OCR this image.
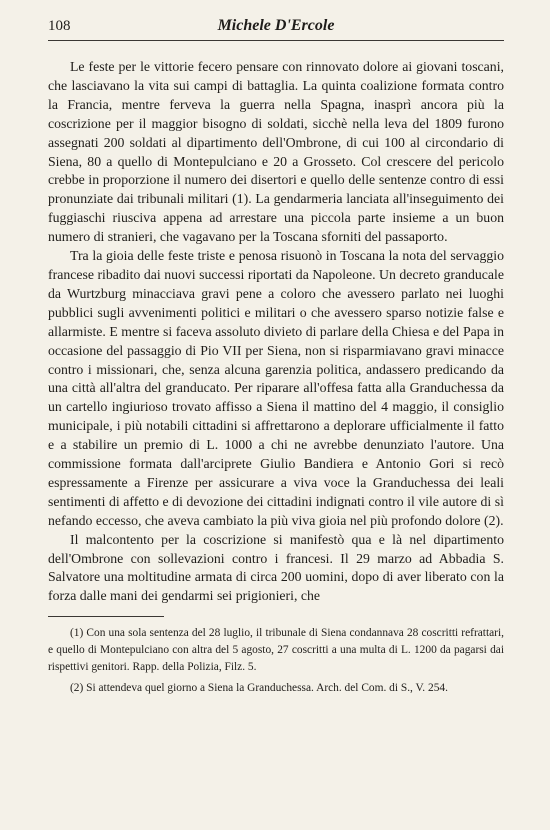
108	Michele D'Ercole

Le feste per le vittorie fecero pensare con rinnovato dolore ai giovani toscani, che lasciavano la vita sui campi di battaglia. La quinta coalizione formata contro la Francia, mentre ferveva la guerra nella Spagna, inasprì ancora più la coscrizione per il maggior bisogno di soldati, sicchè nella leva del 1809 furono assegnati 200 soldati al dipartimento dell'Ombrone, di cui 100 al circondario di Siena, 80 a quello di Montepulciano e 20 a Grosseto. Col crescere del pericolo crebbe in proporzione il numero dei disertori e quello delle sentenze contro di essi pronunziate dai tribunali militari (1). La gendarmeria lanciata all'inseguimento dei fuggiaschi riusciva appena ad arrestare una piccola parte insieme a un buon numero di stranieri, che vagavano per la Toscana sforniti del passaporto.

Tra la gioia delle feste triste e penosa risuonò in Toscana la nota del servaggio francese ribadito dai nuovi successi riportati da Napoleone. Un decreto granducale da Wurtzburg minacciava gravi pene a coloro che avessero parlato nei luoghi pubblici sugli avvenimenti politici e militari o che avessero sparso notizie false e allarmiste. E mentre si faceva assoluto divieto di parlare della Chiesa e del Papa in occasione del passaggio di Pio VII per Siena, non si risparmiavano gravi minacce contro i missionari, che, senza alcuna garenzia politica, andassero predicando da una città all'altra del granducato. Per riparare all'offesa fatta alla Granduchessa da un cartello ingiurioso trovato affisso a Siena il mattino del 4 maggio, il consiglio municipale, i più notabili cittadini si affrettarono a deplorare ufficialmente il fatto e a stabilire un premio di L. 1000 a chi ne avrebbe denunziato l'autore. Una commissione formata dall'arciprete Giulio Bandiera e Antonio Gori si recò espressamente a Firenze per assicurare a viva voce la Granduchessa dei leali sentimenti di affetto e di devozione dei cittadini indignati contro il vile autore di sì nefando eccesso, che aveva cambiato la più viva gioia nel più profondo dolore (2).

Il malcontento per la coscrizione si manifestò qua e là nel dipartimento dell'Ombrone con sollevazioni contro i francesi. Il 29 marzo ad Abbadia S. Salvatore una moltitudine armata di circa 200 uomini, dopo di aver liberato con la forza dalle mani dei gendarmi sei prigionieri, che

(1) Con una sola sentenza del 28 luglio, il tribunale di Siena condannava 28 coscritti refrattari, e quello di Montepulciano con altra del 5 agosto, 27 coscritti a una multa di L. 1200 da pagarsi dai rispettivi genitori. Rapp. della Polizia, Filz. 5.

(2) Si attendeva quel giorno a Siena la Granduchessa. Arch. del Com. di S., V. 254.
